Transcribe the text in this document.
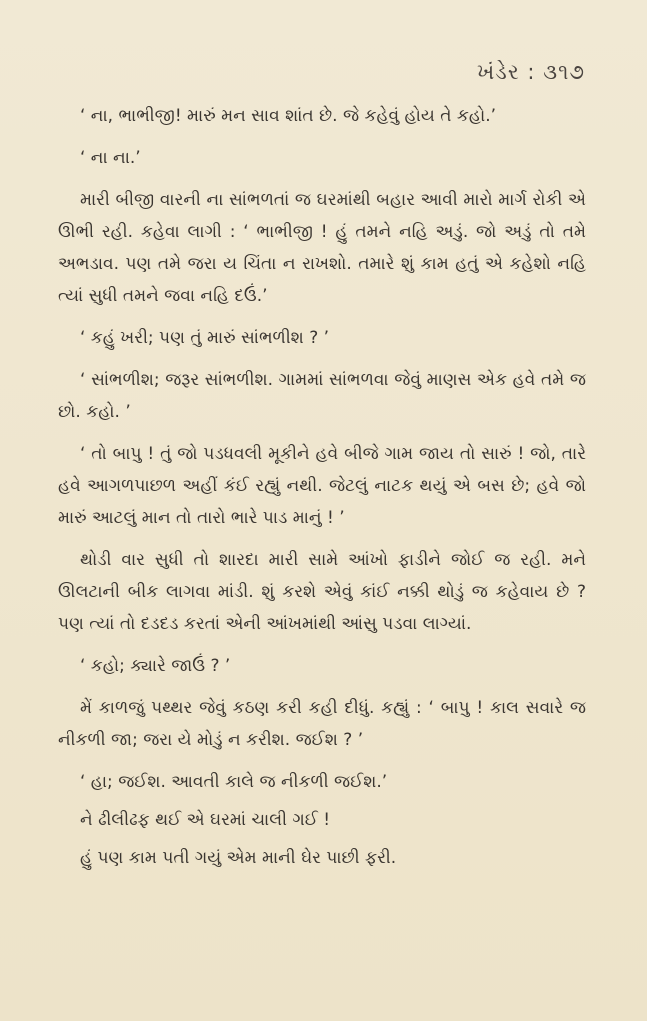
ખંડેર : ૩૧૭

‘ ના, ભાભીજી! મારું મન સાવ શાંત છે. જે કહેવું હોય તે કહો.’

‘ ના ના.’

મારી બીજી વારની ના સાંભળતાં જ ઘરમાંથી બહાર આવી મારો માર્ગ રોકી એ ઊભી રહી. કહેવા લાગી : ‘ ભાભીજી ! હું તમને નહિ અડું. જો અડું તો તમે અભડાવ. પણ તમે જરા ય ચિંતા ન રાખશો. તમારે શું કામ હતું એ કહેશો નહિ ત્યાં સુધી તમને જવા નહિ દઉં.’

‘ કહું ખરી; પણ તું મારું સાંભળીશ ? ’

‘ સાંભળીશ; જરૂર સાંભળીશ. ગામમાં સાંભળવા જેવું માણસ એક હવે તમે જ છો. કહો. ’

‘ તો બાપુ ! તું જો પડધવલી મૂકીને હવે બીજે ગામ જાય તો સારું ! જો, તારે હવે આગળપાછળ અહીં કંઈ રહ્યું નથી. જેટલું નાટક થયું એ બસ છે; હવે જો મારું આટલું માન તો તારો ભારે પાડ માનું ! ’

થોડી વાર સુધી તો શારદા મારી સામે આંખો ફાડીને જોઈ જ રહી. મને ઊલટાની બીક લાગવા માંડી. શું કરશે એવું કાંઈ નક્કી થોડું જ કહેવાય છે ? પણ ત્યાં તો દડદડ કરતાં એની આંખમાંથી આંસુ પડવા લાગ્યાં.

‘ કહો; ક્યારે જાઉં ? ’

મેં કાળજું પથ્થર જેવું કઠણ કરી કહી દીધું. કહ્યું : ‘ બાપુ ! કાલ સવારે જ નીકળી જા; જરા યે મોડું ન કરીશ. જઈશ ? ’

‘ હા; જઈશ. આવતી કાલે જ નીકળી જઈશ.’

ને ઢીલીઢફ થઈ એ ઘરમાં ચાલી ગઈ !

હું પણ કામ પતી ગયું એમ માની ઘેર પાછી ફરી.
